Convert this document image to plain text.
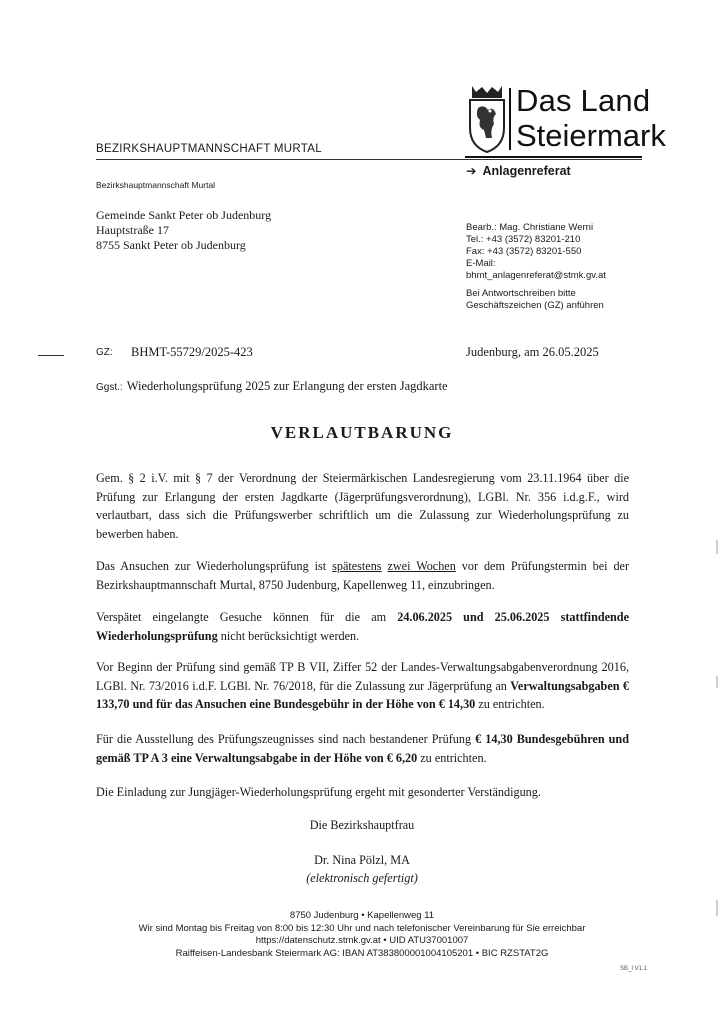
Das Land
Steiermark
BEZIRKSHAUPTMANNSCHAFT MURTAL
➔ Anlagenreferat
Bezirkshauptmannschaft Murtal
Gemeinde Sankt Peter ob Judenburg
Hauptstraße 17
8755 Sankt Peter ob Judenburg
Bearb.: Mag. Christiane Werni
Tel.: +43 (3572) 83201-210
Fax: +43 (3572) 83201-550
E-Mail:
bhmt_anlagenreferat@stmk.gv.at
Bei Antwortschreiben bitte
Geschäftszeichen (GZ) anführen
GZ: BHMT-55729/2025-423	Judenburg, am 26.05.2025
Ggst.: Wiederholungsprüfung 2025 zur Erlangung der ersten Jagdkarte
VERLAUTBARUNG
Gem. § 2 i.V. mit § 7 der Verordnung der Steiermärkischen Landesregierung vom 23.11.1964 über die Prüfung zur Erlangung der ersten Jagdkarte (Jägerprüfungsverordnung), LGBl. Nr. 356 i.d.g.F., wird verlautbart, dass sich die Prüfungswerber schriftlich um die Zulassung zur Wiederholungsprüfung zu bewerben haben.
Das Ansuchen zur Wiederholungsprüfung ist spätestens zwei Wochen vor dem Prüfungstermin bei der Bezirkshauptmannschaft Murtal, 8750 Judenburg, Kapellenweg 11, einzubringen.
Verspätet eingelangte Gesuche können für die am 24.06.2025 und 25.06.2025 stattfindende Wiederholungsprüfung nicht berücksichtigt werden.
Vor Beginn der Prüfung sind gemäß TP B VII, Ziffer 52 der Landes-Verwaltungsabgabenverordnung 2016, LGBl. Nr. 73/2016 i.d.F. LGBl. Nr. 76/2018, für die Zulassung zur Jägerprüfung an Verwaltungsabgaben € 133,70 und für das Ansuchen eine Bundesgebühr in der Höhe von € 14,30 zu entrichten.
Für die Ausstellung des Prüfungszeugnisses sind nach bestandener Prüfung € 14,30 Bundesgebühren und gemäß TP A 3 eine Verwaltungsabgabe in der Höhe von € 6,20 zu entrichten.
Die Einladung zur Jungjäger-Wiederholungsprüfung ergeht mit gesonderter Verständigung.
Die Bezirkshauptfrau
Dr. Nina Pölzl, MA
(elektronisch gefertigt)
8750 Judenburg • Kapellenweg 11
Wir sind Montag bis Freitag von 8:00 bis 12:30 Uhr und nach telefonischer Vereinbarung für Sie erreichbar
https://datenschutz.stmk.gv.at • UID ATU37001007
Raiffeisen-Landesbank Steiermark AG: IBAN AT383800001004105201 • BIC RZSTAT2G
SB_I V1.1
